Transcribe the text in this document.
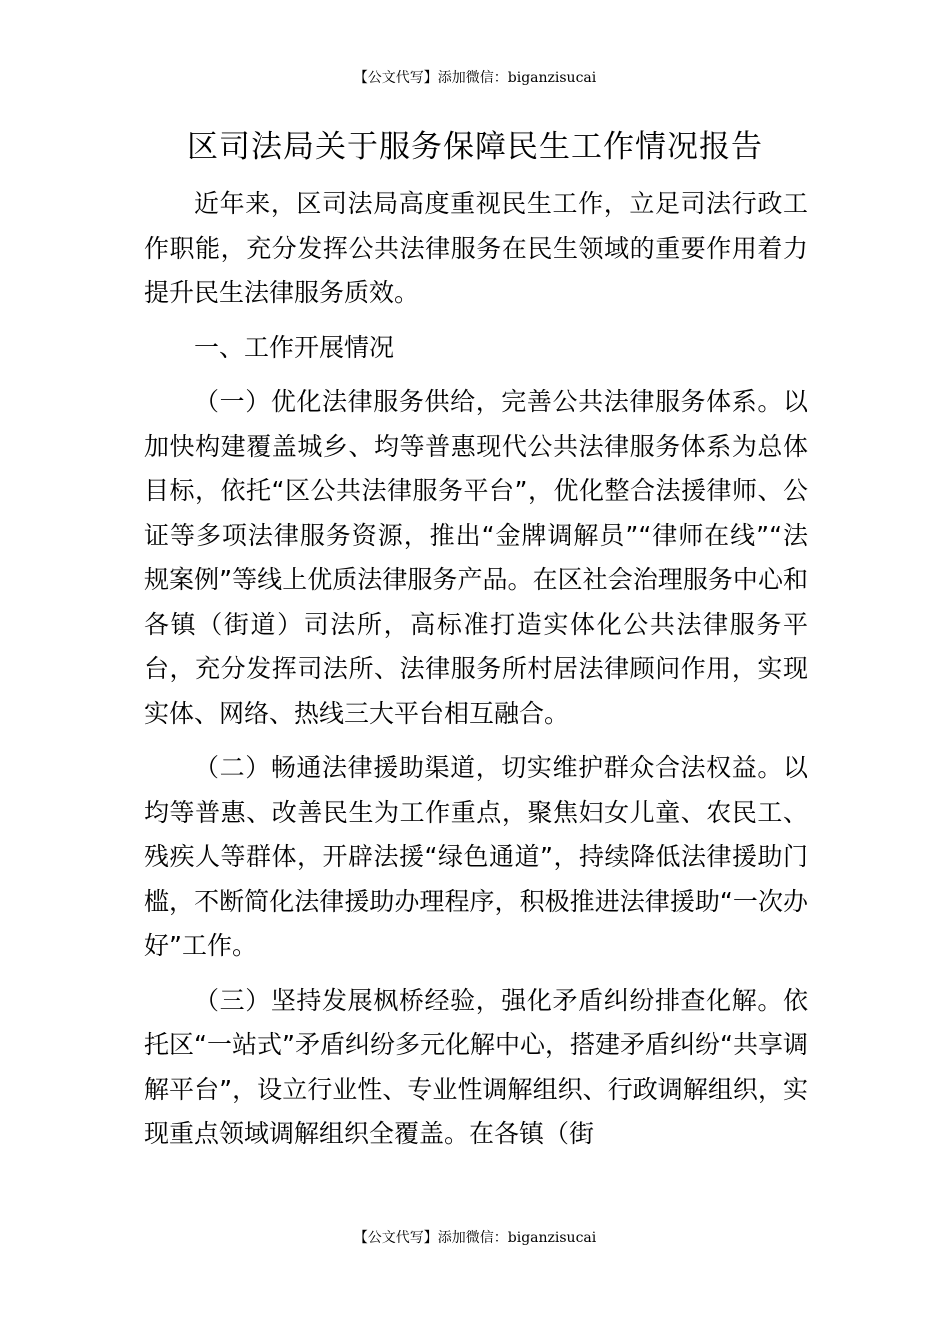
【公文代写】添加微信：biganzisucai
区司法局关于服务保障民生工作情况报告

近年来，区司法局高度重视民生工作，立足司法行政工作职能，充分发挥公共法律服务在民生领域的重要作用着力提升民生法律服务质效。

一、工作开展情况

（一）优化法律服务供给，完善公共法律服务体系。以加快构建覆盖城乡、均等普惠现代公共法律服务体系为总体目标，依托“区公共法律服务平台”，优化整合法援律师、公证等多项法律服务资源，推出“金牌调解员”“律师在线”“法规案例”等线上优质法律服务产品。在区社会治理服务中心和各镇（街道）司法所，高标准打造实体化公共法律服务平台，充分发挥司法所、法律服务所村居法律顾问作用，实现实体、网络、热线三大平台相互融合。

（二）畅通法律援助渠道，切实维护群众合法权益。以均等普惠、改善民生为工作重点，聚焦妇女儿童、农民工、残疾人等群体，开辟法援“绿色通道”，持续降低法律援助门槛，不断简化法律援助办理程序，积极推进法律援助“一次办好”工作。

（三）坚持发展枫桥经验，强化矛盾纠纷排查化解。依托区“一站式”矛盾纠纷多元化解中心，搭建矛盾纠纷“共享调解平台”，设立行业性、专业性调解组织、行政调解组织，实现重点领域调解组织全覆盖。在各镇（街

【公文代写】添加微信：biganzisucai
